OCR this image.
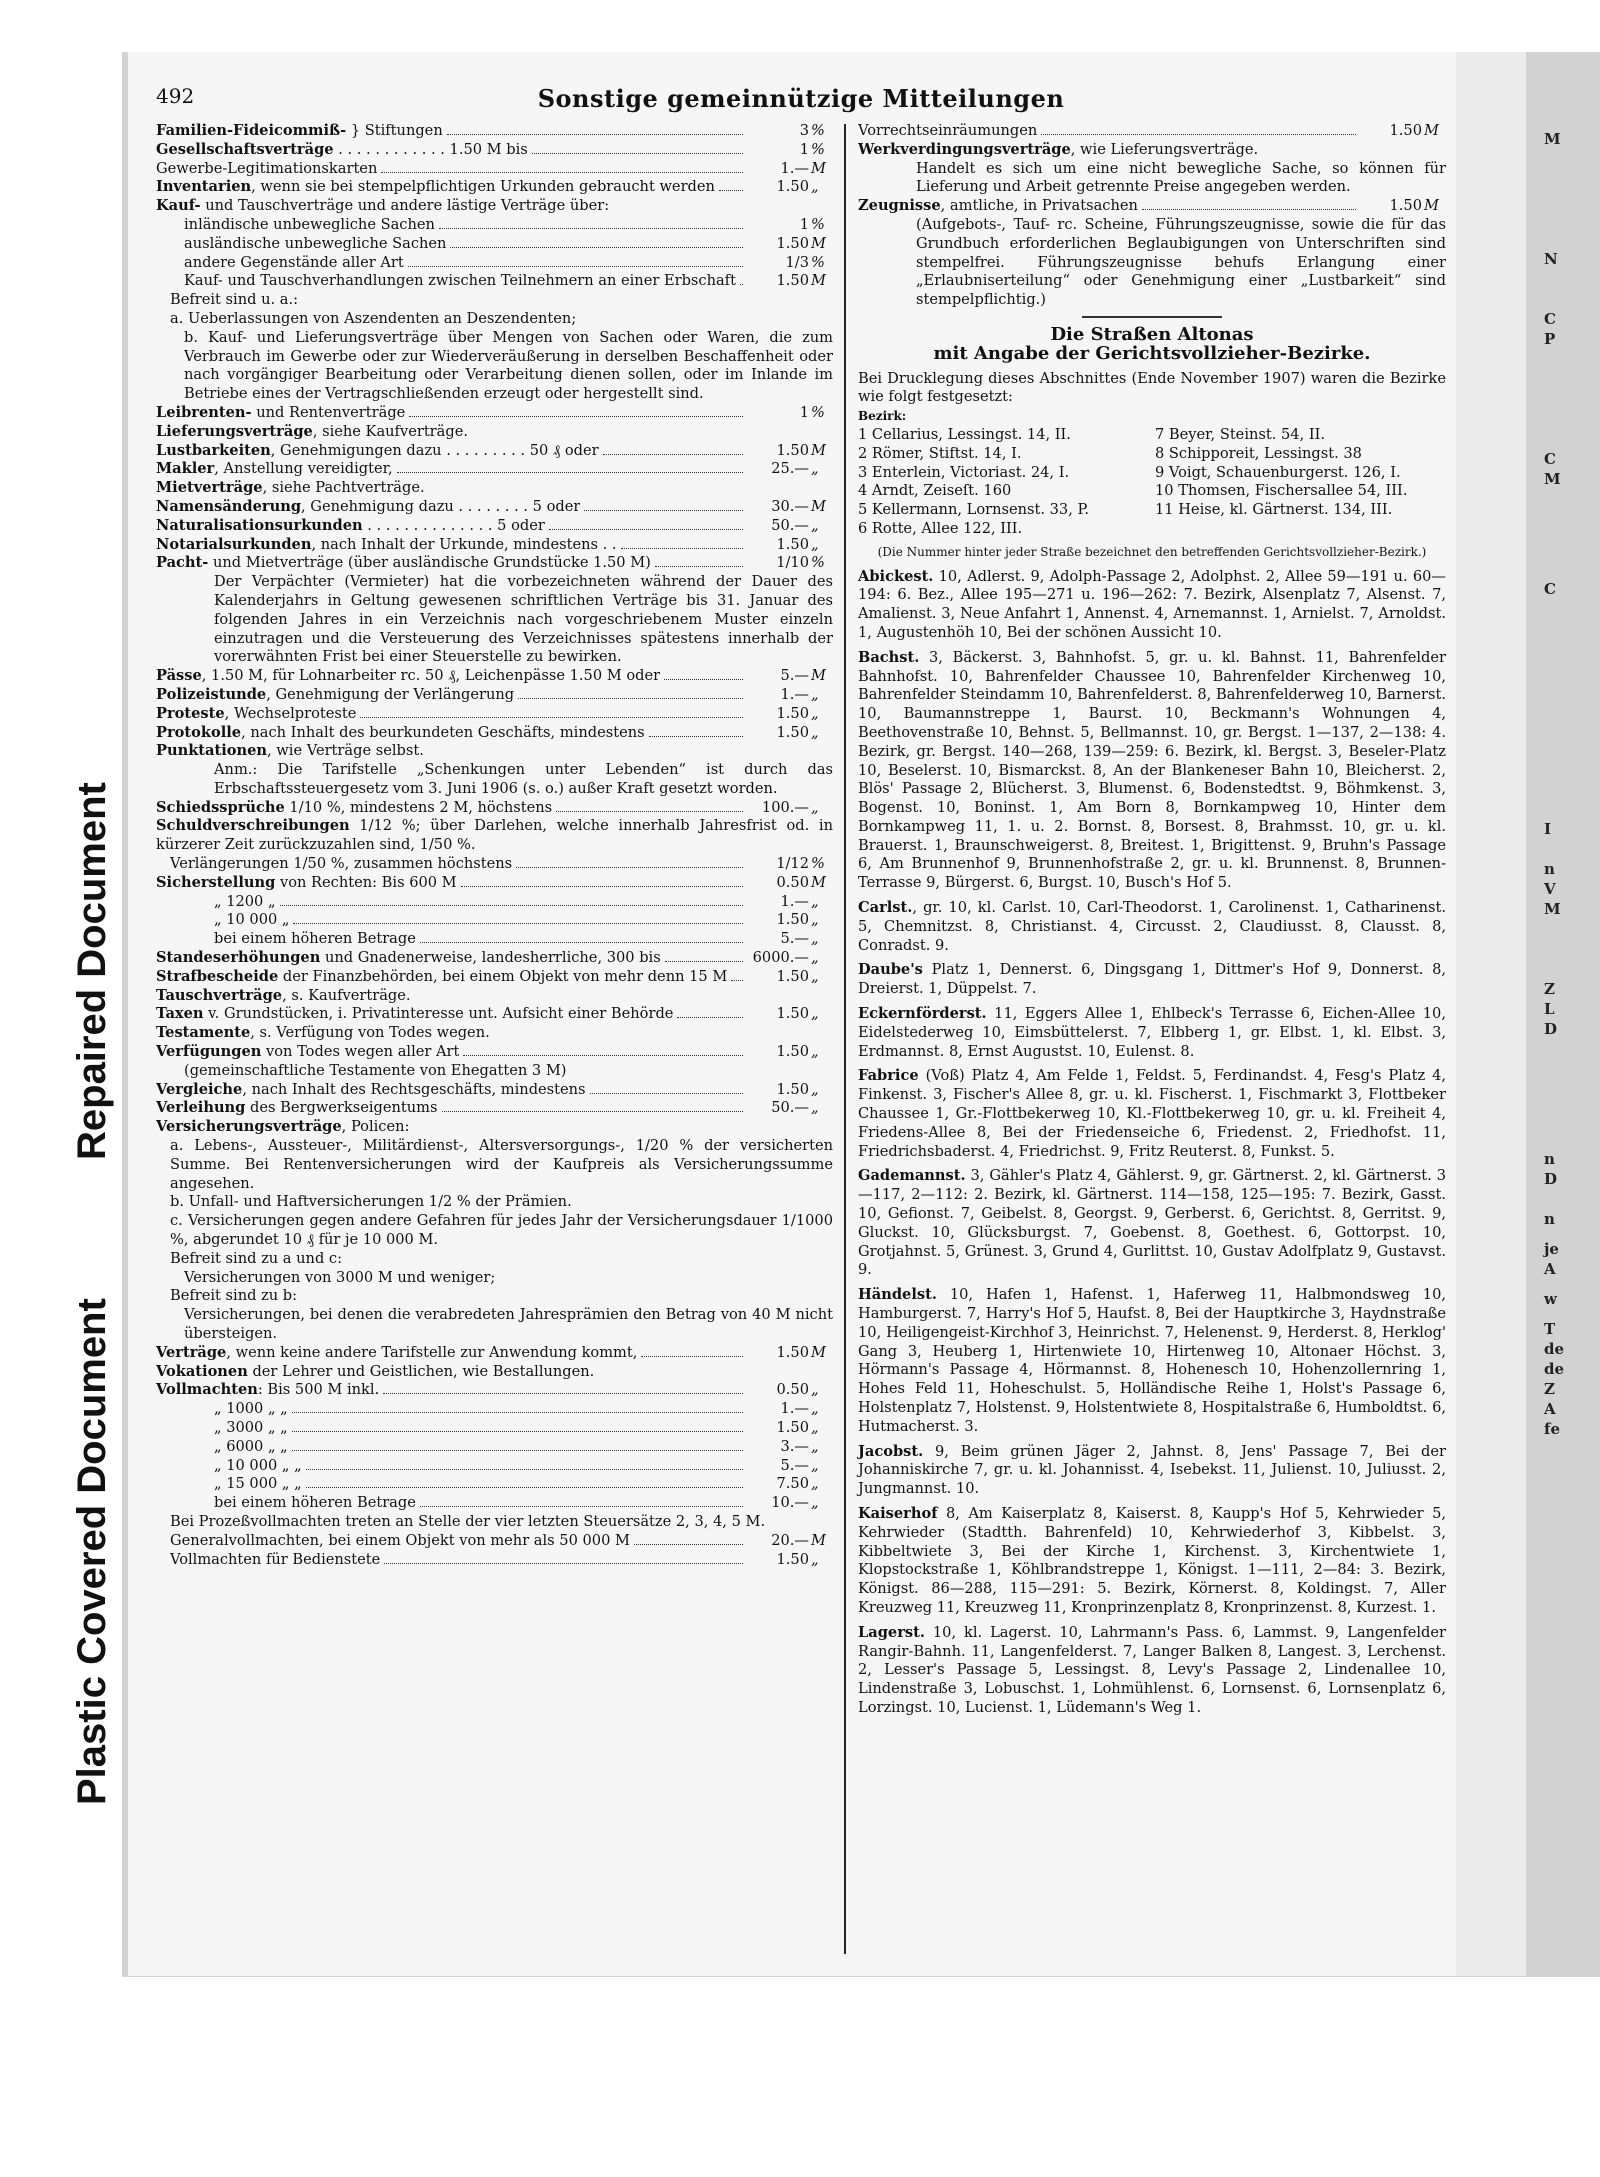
Repaired Document
Plastic Covered Document
492	Sonstige gemeinnützige Mitteilungen
Familien-Fideicommiß- } Stiftungen	3 %
Gesellschaftsverträge . . . . . . . . . . . . 1.50 M bis	1 %
Gewerbe-Legitimationskarten	1.— M
Inventarien, wenn sie bei stempelpflichtigen Urkunden gebraucht werden	1.50 „
Kauf- und Tauschverträge und andere lästige Verträge über:
inländische unbewegliche Sachen	1 %
ausländische unbewegliche Sachen	1.50 M
andere Gegenstände aller Art	1/3 %
Kauf- und Tauschverhandlungen zwischen Teilnehmern an einer Erbschaft	1.50 M
Befreit sind u. a.:
a. Ueberlassungen von Aszendenten an Deszendenten;
b. Kauf- und Lieferungsverträge über Mengen von Sachen oder Waren, die zum Verbrauch im Gewerbe oder zur Wiederveräußerung in derselben Beschaffenheit oder nach vorgängiger Bearbeitung oder Verarbeitung dienen sollen, oder im Inlande im Betriebe eines der Vertragschließenden erzeugt oder hergestellt sind.
Leibrenten- und Rentenverträge	1 %
Lieferungsverträge, siehe Kaufverträge.
Lustbarkeiten, Genehmigungen dazu . . . . . . . . . 50 ₰ oder	1.50 M
Makler, Anstellung vereidigter,	25.— „
Mietverträge, siehe Pachtverträge.
Namensänderung, Genehmigung dazu . . . . . . . . 5 oder	30.— M
Naturalisationsurkunden . . . . . . . . . . . . . . 5 oder	50.— „
Notarialsurkunden, nach Inhalt der Urkunde, mindestens . .	1.50 „
Pacht- und Mietverträge (über ausländische Grundstücke 1.50 M)	1/10 %
Der Verpächter (Vermieter) hat die vorbezeichneten während der Dauer des Kalenderjahrs in Geltung gewesenen schriftlichen Verträge bis 31. Januar des folgenden Jahres in ein Verzeichnis nach vorgeschriebenem Muster einzeln einzutragen und die Versteuerung des Verzeichnisses spätestens innerhalb der vorerwähnten Frist bei einer Steuerstelle zu bewirken.
Pässe, 1.50 M, für Lohnarbeiter rc. 50 ₰, Leichenpässe 1.50 M oder	5.— M
Polizeistunde, Genehmigung der Verlängerung	1.— „
Proteste, Wechselproteste	1.50 „
Protokolle, nach Inhalt des beurkundeten Geschäfts, mindestens	1.50 „
Punktationen, wie Verträge selbst.
Anm.: Die Tarifstelle „Schenkungen unter Lebenden“ ist durch das Erbschaftssteuergesetz vom 3. Juni 1906 (s. o.) außer Kraft gesetzt worden.
Schiedssprüche 1/10 %, mindestens 2 M, höchstens	100.— „
Schuldverschreibungen 1/12 %; über Darlehen, welche innerhalb Jahresfrist od. in kürzerer Zeit zurückzuzahlen sind, 1/50 %.
Verlängerungen 1/50 %, zusammen höchstens	1/12 %
Sicherstellung von Rechten: Bis 600 M	0.50 M
„ 1200 „	1.— „
„ 10 000 „	1.50 „
bei einem höheren Betrage	5.— „
Standeserhöhungen und Gnadenerweise, landesherrliche, 300 bis	6000.— „
Strafbescheide der Finanzbehörden, bei einem Objekt von mehr denn 15 M	1.50 „
Tauschverträge, s. Kaufverträge.
Taxen v. Grundstücken, i. Privatinteresse unt. Aufsicht einer Behörde	1.50 „
Testamente, s. Verfügung von Todes wegen.
Verfügungen von Todes wegen aller Art	1.50 „
(gemeinschaftliche Testamente von Ehegatten 3 M)
Vergleiche, nach Inhalt des Rechtsgeschäfts, mindestens	1.50 „
Verleihung des Bergwerkseigentums	50.— „
Versicherungsverträge, Policen:
a. Lebens-, Aussteuer-, Militärdienst-, Altersversorgungs-, 1/20 % der versicherten Summe. Bei Rentenversicherungen wird der Kaufpreis als Versicherungssumme angesehen.
b. Unfall- und Haftversicherungen 1/2 % der Prämien.
c. Versicherungen gegen andere Gefahren für jedes Jahr der Versicherungsdauer 1/1000 %, abgerundet 10 ₰ für je 10 000 M.
Befreit sind zu a und c:
Versicherungen von 3000 M und weniger;
Befreit sind zu b:
Versicherungen, bei denen die verabredeten Jahresprämien den Betrag von 40 M nicht übersteigen.
Verträge, wenn keine andere Tarifstelle zur Anwendung kommt,	1.50 M
Vokationen der Lehrer und Geistlichen, wie Bestallungen.
Vollmachten: Bis 500 M inkl.	0.50 „
„ 1000 „ „	1.— „
„ 3000 „ „	1.50 „
„ 6000 „ „	3.— „
„ 10 000 „ „	5.— „
„ 15 000 „ „	7.50 „
bei einem höheren Betrage	10.— „
Bei Prozeßvollmachten treten an Stelle der vier letzten Steuersätze 2, 3, 4, 5 M.
Generalvollmachten, bei einem Objekt von mehr als 50 000 M	20.— M
Vollmachten für Bedienstete	1.50 „
Vorrechtseinräumungen	1.50 M
Werkverdingungsverträge, wie Lieferungsverträge.
Handelt es sich um eine nicht bewegliche Sache, so können für Lieferung und Arbeit getrennte Preise angegeben werden.
Zeugnisse, amtliche, in Privatsachen	1.50 M
(Aufgebots-, Tauf- rc. Scheine, Führungszeugnisse, sowie die für das Grundbuch erforderlichen Beglaubigungen von Unterschriften sind stempelfrei. Führungszeugnisse behufs Erlangung einer „Erlaubniserteilung“ oder Genehmigung einer „Lustbarkeit“ sind stempelpflichtig.)
Die Straßen Altonas
mit Angabe der Gerichtsvollzieher-Bezirke.
Bei Drucklegung dieses Abschnittes (Ende November 1907) waren die Bezirke wie folgt festgesetzt:
Bezirk:
1 Cellarius, Lessingst. 14, II.
2 Römer, Stiftst. 14, I.
3 Enterlein, Victoriast. 24, I.
4 Arndt, Zeiseſt. 160
5 Kellermann, Lornsenst. 33, P.
6 Rotte, Allee 122, III.
7 Beyer, Steinst. 54, II.
8 Schipporeit, Lessingst. 38
9 Voigt, Schauenburgerst. 126, I.
10 Thomsen, Fischersallee 54, III.
11 Heise, kl. Gärtnerst. 134, III.
(Die Nummer hinter jeder Straße bezeichnet den betreffenden Gerichtsvollzieher-Bezirk.)
Abickest. 10, Adlerst. 9, Adolph-Passage 2, Adolphst. 2, Allee 59—191 u. 60—194: 6. Bez., Allee 195—271 u. 196—262: 7. Bezirk, Alsenplatz 7, Alsenst. 7, Amalienst. 3, Neue Anfahrt 1, Annenst. 4, Arnemannst. 1, Arnielst. 7, Arnoldst. 1, Augustenhöh 10, Bei der schönen Aussicht 10.
Bachst. 3, Bäckerst. 3, Bahnhofst. 5, gr. u. kl. Bahnst. 11, Bahrenfelder Bahnhofst. 10, Bahrenfelder Chaussee 10, Bahrenfelder Kirchenweg 10, Bahrenfelder Steindamm 10, Bahrenfelderst. 8, Bahrenfelderweg 10, Barnerst. 10, Baumannstreppe 1, Baurst. 10, Beckmann's Wohnungen 4, Beethovenstraße 10, Behnst. 5, Bellmannst. 10, gr. Bergst. 1—137, 2—138: 4. Bezirk, gr. Bergst. 140—268, 139—259: 6. Bezirk, kl. Bergst. 3, Beseler-Platz 10, Beselerst. 10, Bismarckst. 8, An der Blankeneser Bahn 10, Bleicherst. 2, Blös' Passage 2, Blücherst. 3, Blumenst. 6, Bodenstedtst. 9, Böhmkenst. 3, Bogenst. 10, Boninst. 1, Am Born 8, Bornkampweg 10, Hinter dem Bornkampweg 11, 1. u. 2. Bornst. 8, Borsest. 8, Brahmsst. 10, gr. u. kl. Brauerst. 1, Braunschweigerst. 8, Breitest. 1, Brigittenst. 9, Bruhn's Passage 6, Am Brunnenhof 9, Brunnenhofstraße 2, gr. u. kl. Brunnenst. 8, Brunnen-Terrasse 9, Bürgerst. 6, Burgst. 10, Busch's Hof 5.
Carlst., gr. 10, kl. Carlst. 10, Carl-Theodorst. 1, Carolinenst. 1, Catharinenst. 5, Chemnitzst. 8, Christianst. 4, Circusst. 2, Claudiusst. 8, Clausst. 8, Conradst. 9.
Daube's Platz 1, Dennerst. 6, Dingsgang 1, Dittmer's Hof 9, Donnerst. 8, Dreierst. 1, Düppelst. 7.
Eckernförderst. 11, Eggers Allee 1, Ehlbeck's Terrasse 6, Eichen-Allee 10, Eidelstederweg 10, Eimsbüttelerst. 7, Elbberg 1, gr. Elbst. 1, kl. Elbst. 3, Erdmannst. 8, Ernst Augustst. 10, Eulenst. 8.
Fabrice (Voß) Platz 4, Am Felde 1, Feldst. 5, Ferdinandst. 4, Fesg's Platz 4, Finkenst. 3, Fischer's Allee 8, gr. u. kl. Fischerst. 1, Fischmarkt 3, Flottbeker Chaussee 1, Gr.-Flottbekerweg 10, Kl.-Flottbekerweg 10, gr. u. kl. Freiheit 4, Friedens-Allee 8, Bei der Friedenseiche 6, Friedenst. 2, Friedhofst. 11, Friedrichsbaderst. 4, Friedrichst. 9, Fritz Reuterst. 8, Funkst. 5.
Gademannst. 3, Gähler's Platz 4, Gählerst. 9, gr. Gärtnerst. 2, kl. Gärtnerst. 3—117, 2—112: 2. Bezirk, kl. Gärtnerst. 114—158, 125—195: 7. Bezirk, Gasst. 10, Gefionst. 7, Geibelst. 8, Georgst. 9, Gerberst. 6, Gerichtst. 8, Gerritst. 9, Gluckst. 10, Glücksburgst. 7, Goebenst. 8, Goethest. 6, Gottorpst. 10, Grotjahnst. 5, Grünest. 3, Grund 4, Gurlittst. 10, Gustav Adolfplatz 9, Gustavst. 9.
Händelst. 10, Hafen 1, Hafenst. 1, Haferweg 11, Halbmondsweg 10, Hamburgerst. 7, Harry's Hof 5, Haufst. 8, Bei der Hauptkirche 3, Haydnstraße 10, Heiligengeist-Kirchhof 3, Heinrichst. 7, Helenenst. 9, Herderst. 8, Herklog' Gang 3, Heuberg 1, Hirtenwiete 10, Hirtenweg 10, Altonaer Höchst. 3, Hörmann's Passage 4, Hörmannst. 8, Hohenesch 10, Hohenzollernring 1, Hohes Feld 11, Hoheschulst. 5, Holländische Reihe 1, Holst's Passage 6, Holstenplatz 7, Holstenst. 9, Holstentwiete 8, Hospitalstraße 6, Humboldtst. 6, Hutmacherst. 3.
Jacobst. 9, Beim grünen Jäger 2, Jahnst. 8, Jens' Passage 7, Bei der Johanniskirche 7, gr. u. kl. Johannisst. 4, Isebekst. 11, Julienst. 10, Juliusst. 2, Jungmannst. 10.
Kaiserhof 8, Am Kaiserplatz 8, Kaiserst. 8, Kaupp's Hof 5, Kehrwieder 5, Kehrwieder (Stadtth. Bahrenfeld) 10, Kehrwiederhof 3, Kibbelst. 3, Kibbeltwiete 3, Bei der Kirche 1, Kirchenst. 3, Kirchentwiete 1, Klopstockstraße 1, Köhlbrandstreppe 1, Königst. 1—111, 2—84: 3. Bezirk, Königst. 86—288, 115—291: 5. Bezirk, Körnerst. 8, Koldingst. 7, Aller Kreuzweg 11, Kreuzweg 11, Kronprinzenplatz 8, Kronprinzenst. 8, Kurzest. 1.
Lagerst. 10, kl. Lagerst. 10, Lahrmann's Pass. 6, Lammst. 9, Langenfelder Rangir-Bahnh. 11, Langenfelderst. 7, Langer Balken 8, Langest. 3, Lerchenst. 2, Lesser's Passage 5, Lessingst. 8, Levy's Passage 2, Lindenallee 10, Lindenstraße 3, Lobuschst. 1, Lohmühlenst. 6, Lornsenst. 6, Lornsenplatz 6, Lorzingst. 10, Lucienst. 1, Lüdemann's Weg 1.
M
N
C
P
C
M
C
I
n
V
M
Z
L
D
n
D
n
je
A
w
T
de
de
Z
A
fe
